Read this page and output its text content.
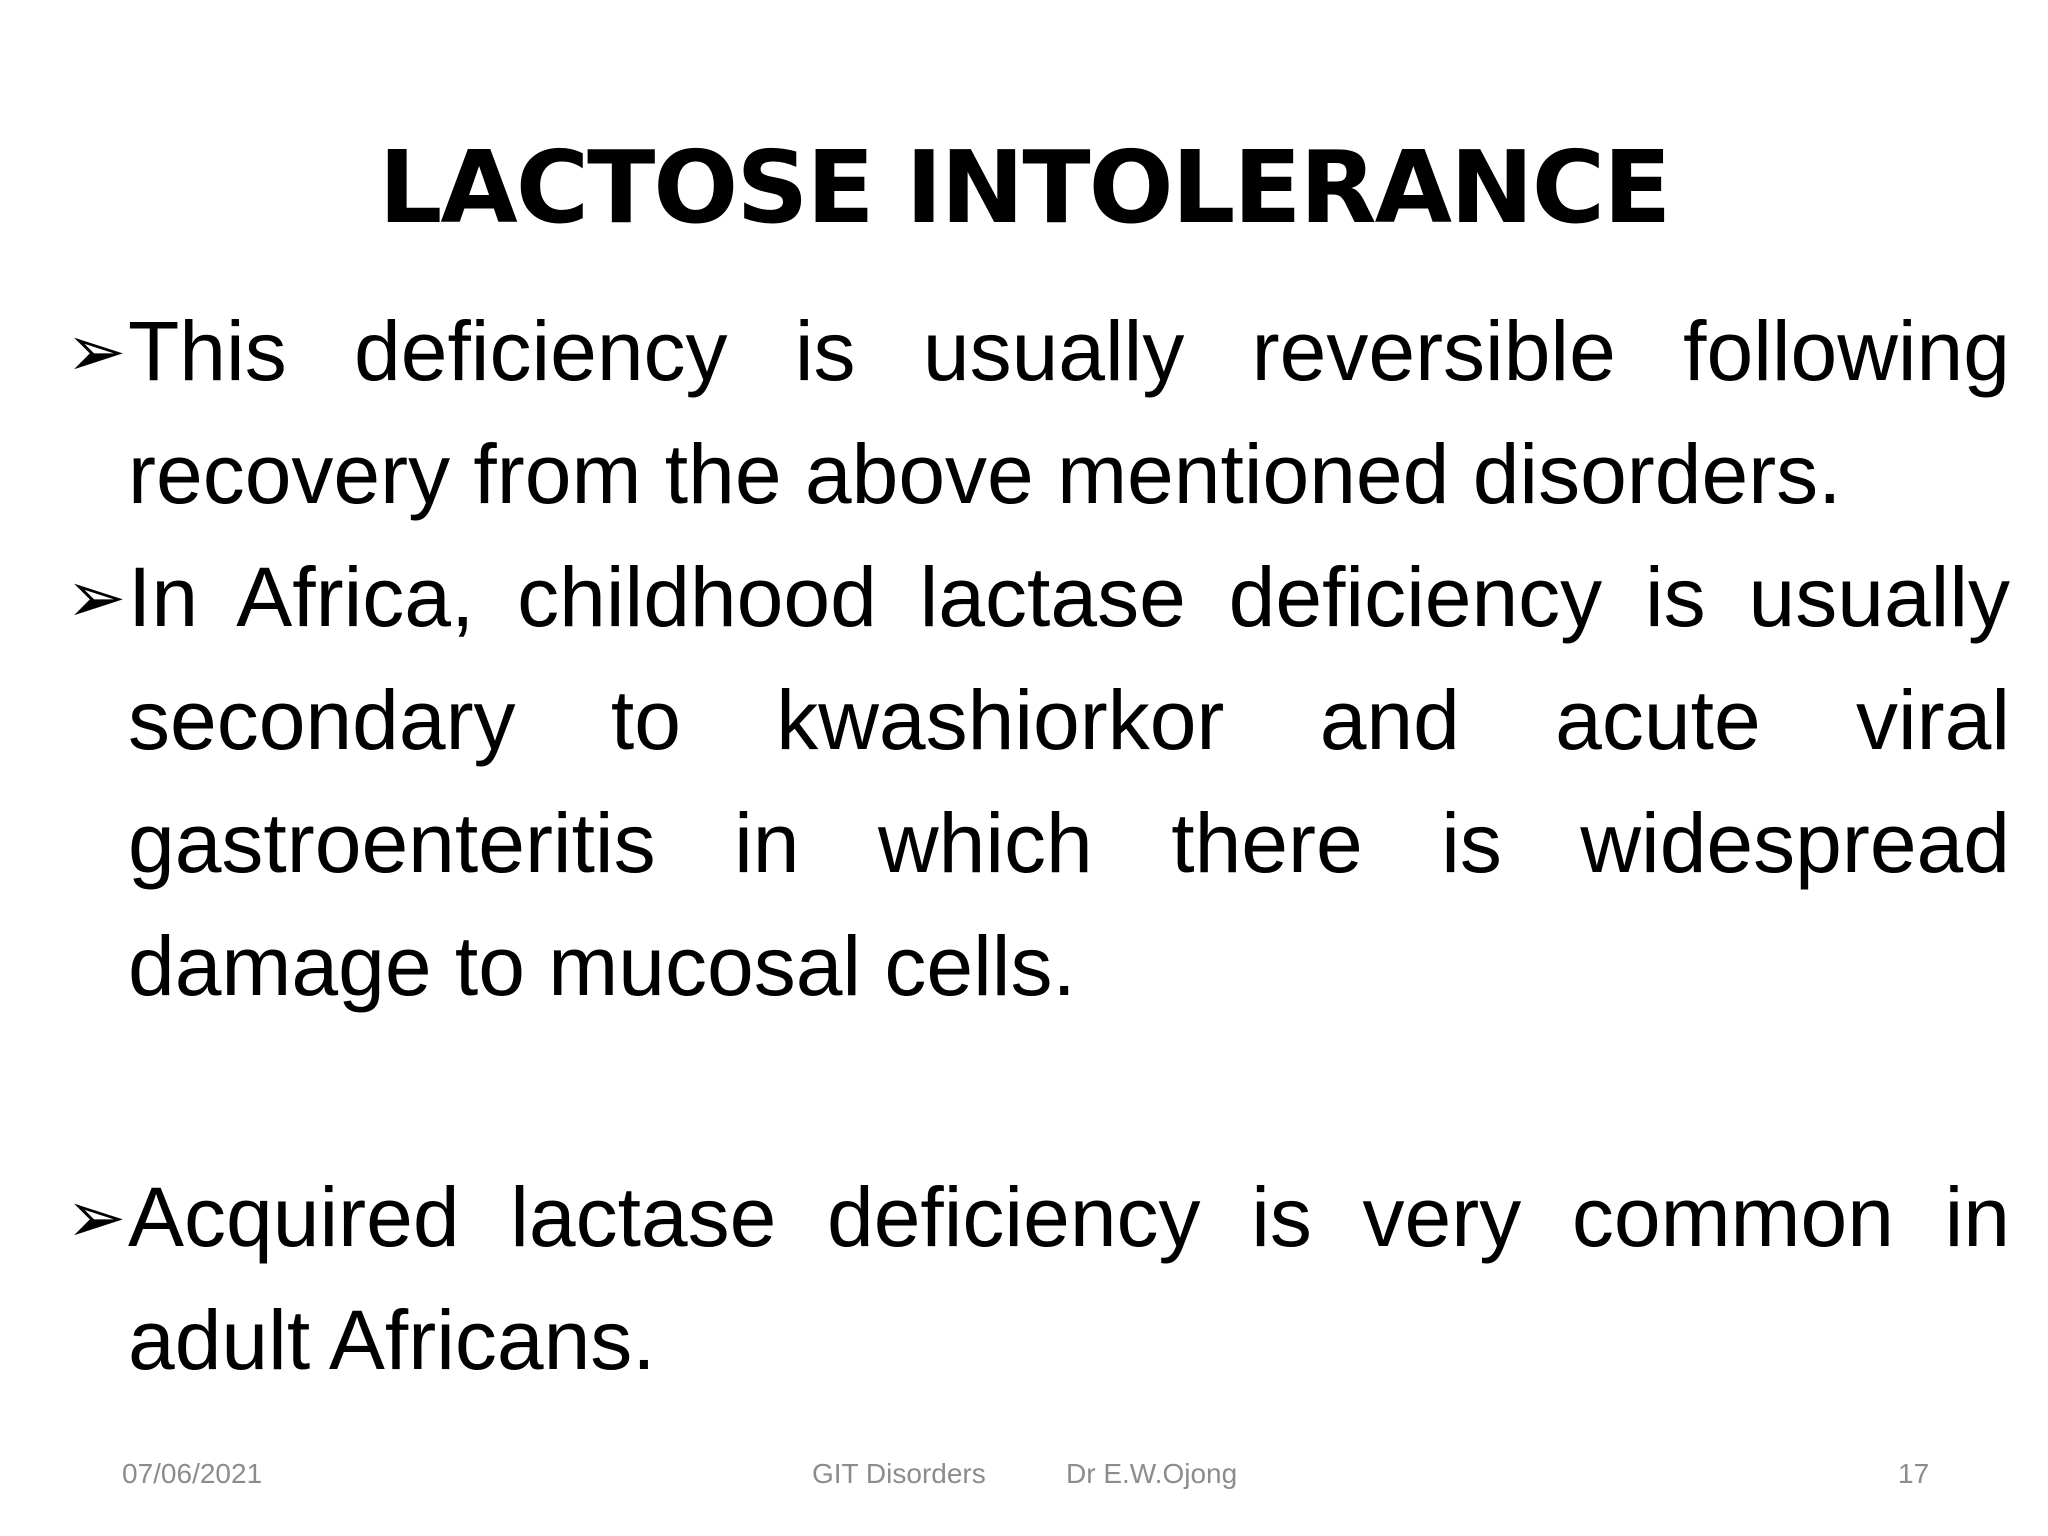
LACTOSE INTOLERANCE
➢ This deficiency is usually reversible following recovery from the above mentioned disorders.
➢ In Africa, childhood lactase deficiency is usually secondary to kwashiorkor and acute viral gastroenteritis in which there is widespread damage to mucosal cells.
➢ Acquired lactase deficiency is very common in adult Africans.
07/06/2021	GIT Disorders	Dr E.W.Ojong	17
